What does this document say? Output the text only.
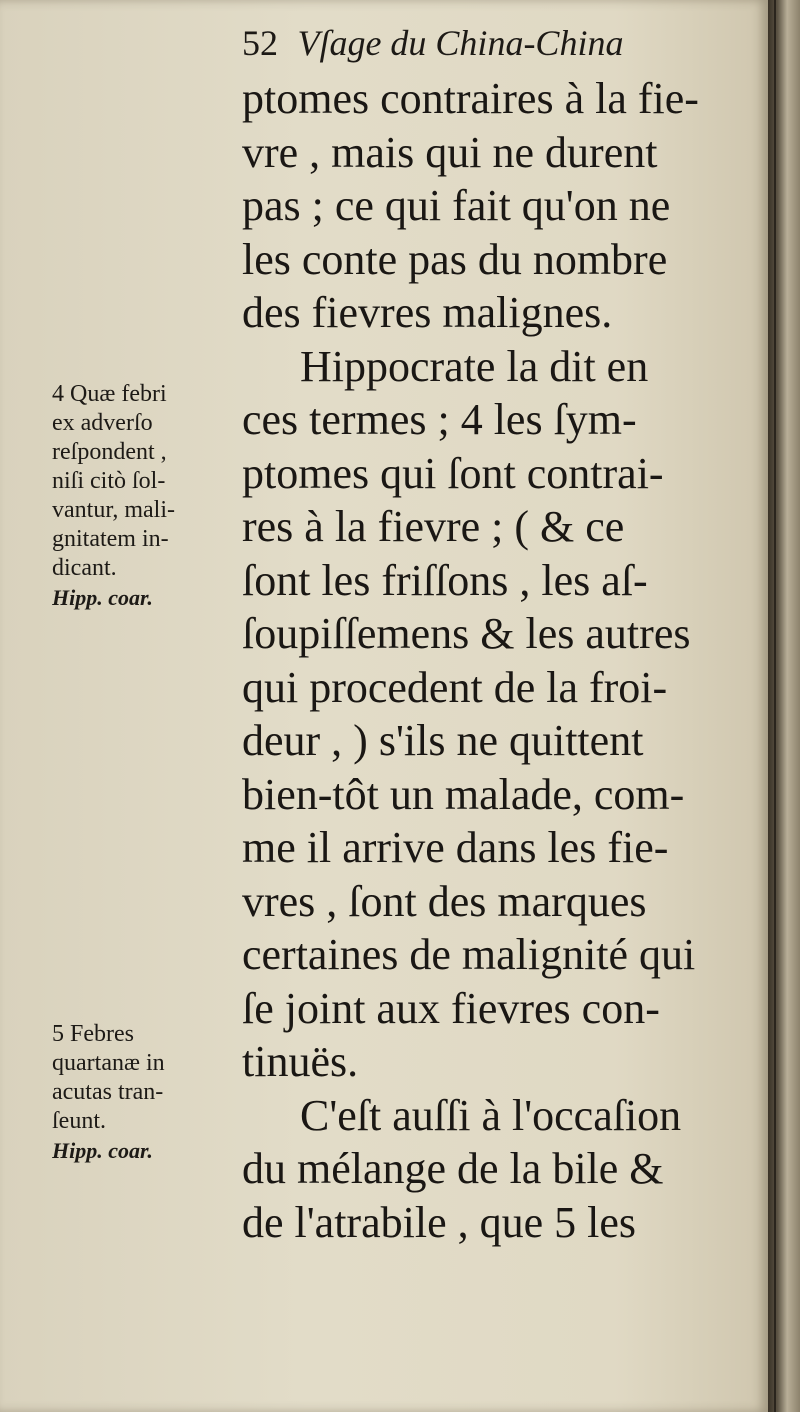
52 Vſage du China-China
ptomes contraires à la fie-
vre , mais qui ne durent
pas ; ce qui fait qu'on ne
les conte pas du nombre
des fievres malignes.
Hippocrate la dit en
ces termes ; 4 les ſym-
ptomes qui ſont contrai-
res à la fievre ; ( & ce
ſont les friſſons , les aſ-
ſoupiſſemens & les autres
qui procedent de la froi-
deur , ) s'ils ne quittent
bien-tôt un malade, com-
me il arrive dans les fie-
vres , ſont des marques
certaines de malignité qui
ſe joint aux fievres con-
tinuës.
C'eſt auſſi à l'occaſion
du mélange de la bile &
de l'atrabile , que 5 les
4 Quæ febri
ex adverſo
reſpondent ,
niſi citò ſol-
vantur, mali-
gnitatem in-
dicant.
Hipp. coar.
5 Febres
quartanæ in
acutas tran-
ſeunt.
Hipp. coar.
